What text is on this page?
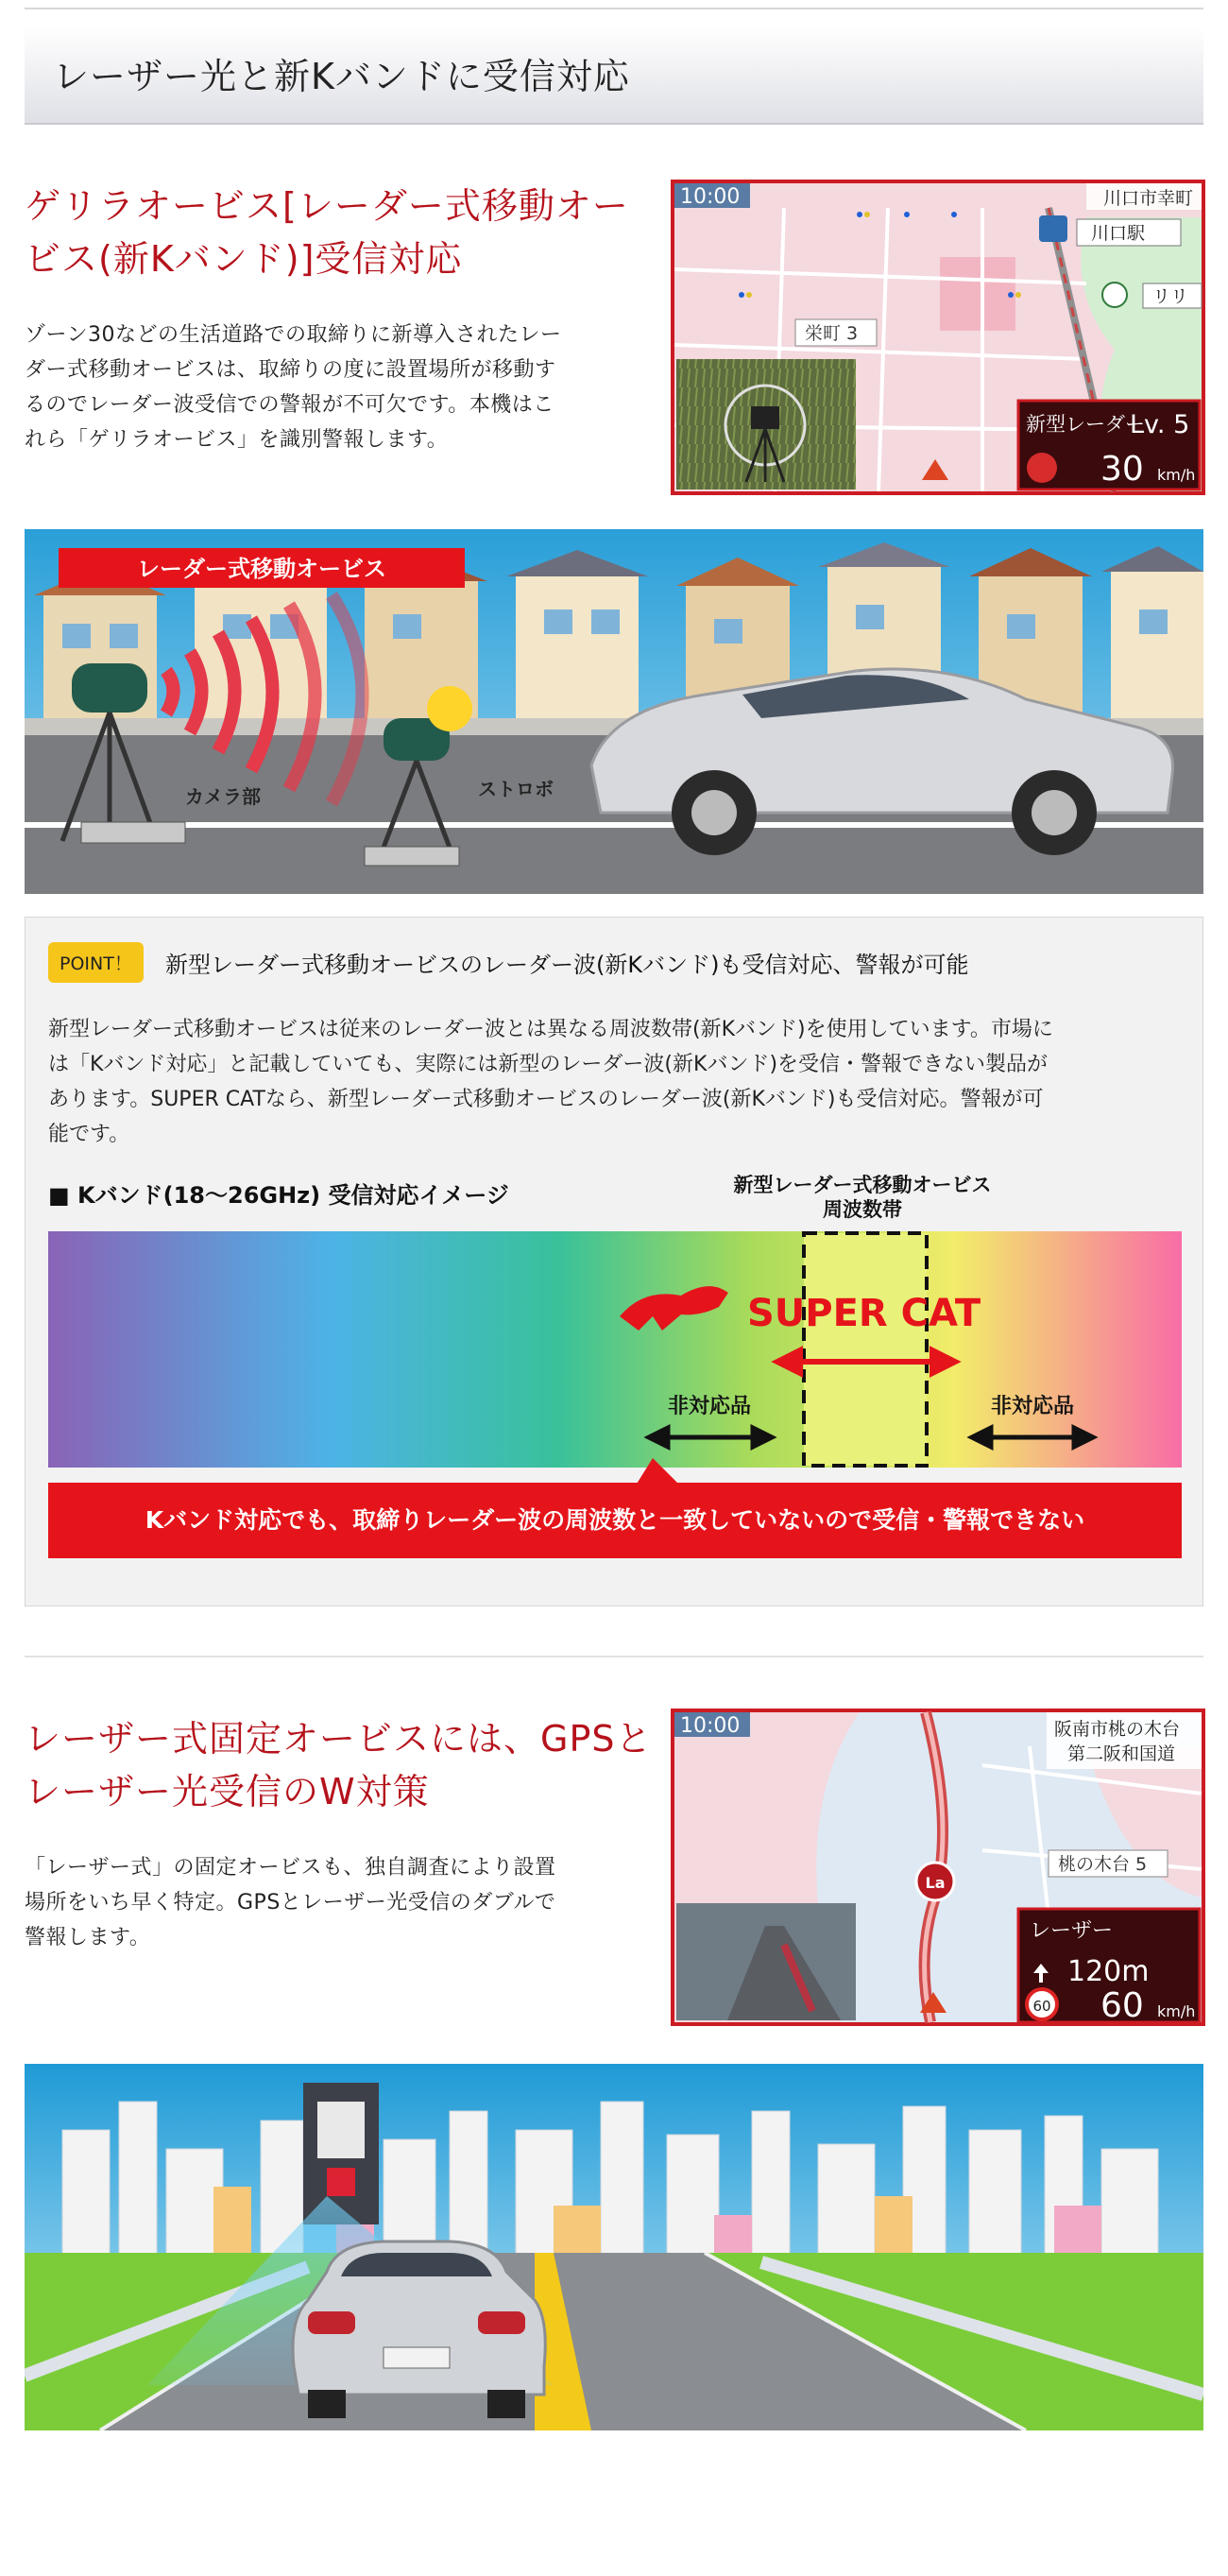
レーザー光と新Kバンドに受信対応
ゲリラオービス[レーダー式移動オー
ビス(新Kバンド)]受信対応
ゾーン30などの生活道路での取締りに新導入されたレー
ダー式移動オービスは、取締りの度に設置場所が移動す
るのでレーダー波受信での警報が不可欠です。本機はこ
れら「ゲリラオービス」を識別警報します。
10:00	川口市幸町
川口駅
リリ
栄町 3
新型レーダー
Lv. 5
30 km/h
レーダー式移動オービス
カメラ部	ストロボ
POINT！	新型レーダー式移動オービスのレーダー波(新Kバンド)も受信対応、警報が可能
新型レーダー式移動オービスは従来のレーダー波とは異なる周波数帯(新Kバンド)を使用しています。市場に
は「Kバンド対応」と記載していても、実際には新型のレーダー波(新Kバンド)を受信・警報できない製品が
あります。SUPER CATなら、新型レーダー式移動オービスのレーダー波(新Kバンド)も受信対応。警報が可
能です。
■ Kバンド(18～26GHz) 受信対応イメージ	新型レーダー式移動オービス
周波数帯
SUPER CAT
非対応品	非対応品
Kバンド対応でも、取締りレーダー波の周波数と一致していないので受信・警報できない
レーザー式固定オービスには、GPSと
レーザー光受信のW対策
「レーザー式」の固定オービスも、独自調査により設置
場所をいち早く特定。GPSとレーザー光受信のダブルで
警報します。
10:00	阪南市桃の木台
第二阪和国道
桃の木台 5
La
レーザー
120m
60 60 km/h
